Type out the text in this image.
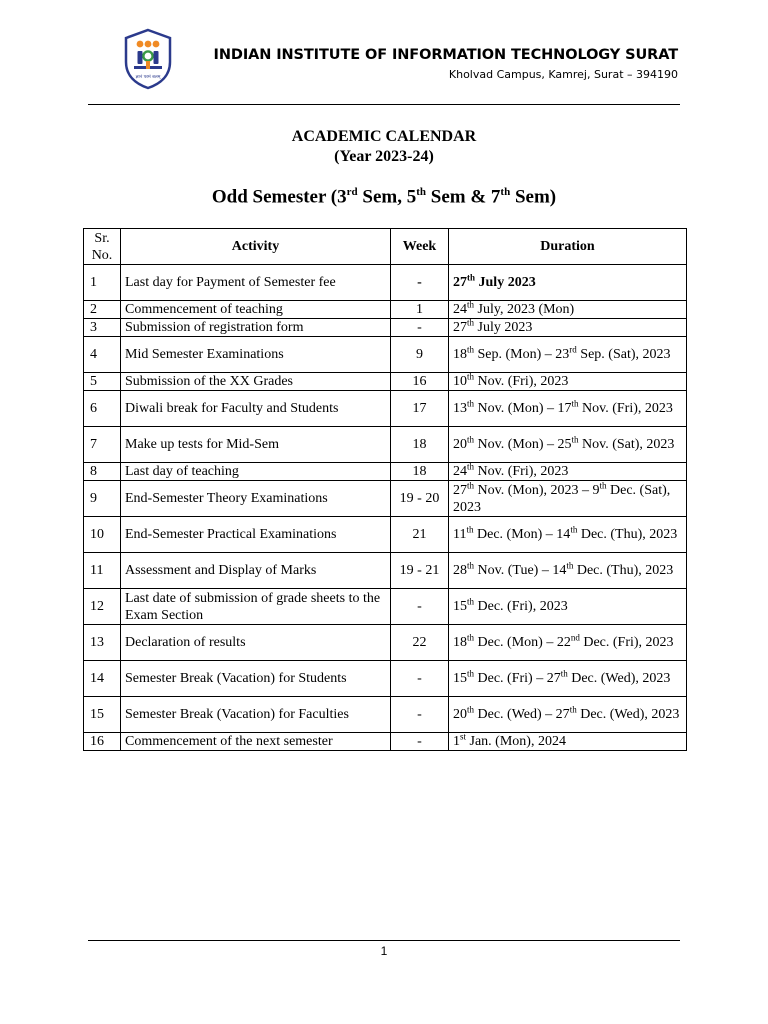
ज्ञानं परमं बलम्
INDIAN INSTITUTE OF INFORMATION TECHNOLOGY SURAT
Kholvad Campus, Kamrej, Surat – 394190
ACADEMIC CALENDAR
(Year 2023-24)
Odd Semester (3rd Sem, 5th Sem & 7th Sem)
Sr. No.	Activity	Week	Duration
1	Last day for Payment of Semester fee	-	27th July 2023
2	Commencement of teaching	1	24th July, 2023 (Mon)
3	Submission of registration form	-	27th July 2023
4	Mid Semester Examinations	9	18th Sep. (Mon) – 23rd Sep. (Sat), 2023
5	Submission of the XX Grades	16	10th Nov. (Fri), 2023
6	Diwali break for Faculty and Students	17	13th Nov. (Mon) – 17th Nov. (Fri), 2023
7	Make up tests for Mid-Sem	18	20th Nov. (Mon) – 25th Nov. (Sat), 2023
8	Last day of teaching	18	24th Nov. (Fri), 2023
9	End-Semester Theory Examinations	19 - 20	27th Nov. (Mon), 2023 – 9th Dec. (Sat), 2023
10	End-Semester Practical Examinations	21	11th Dec. (Mon) – 14th Dec. (Thu), 2023
11	Assessment and Display of Marks	19 - 21	28th Nov. (Tue) – 14th Dec. (Thu), 2023
12	Last date of submission of grade sheets to the Exam Section	-	15th Dec. (Fri), 2023
13	Declaration of results	22	18th Dec. (Mon) – 22nd Dec. (Fri), 2023
14	Semester Break (Vacation) for Students	-	15th Dec. (Fri) – 27th Dec. (Wed), 2023
15	Semester Break (Vacation) for Faculties	-	20th Dec. (Wed) – 27th Dec. (Wed), 2023
16	Commencement of the next semester	-	1st Jan. (Mon), 2024
1
